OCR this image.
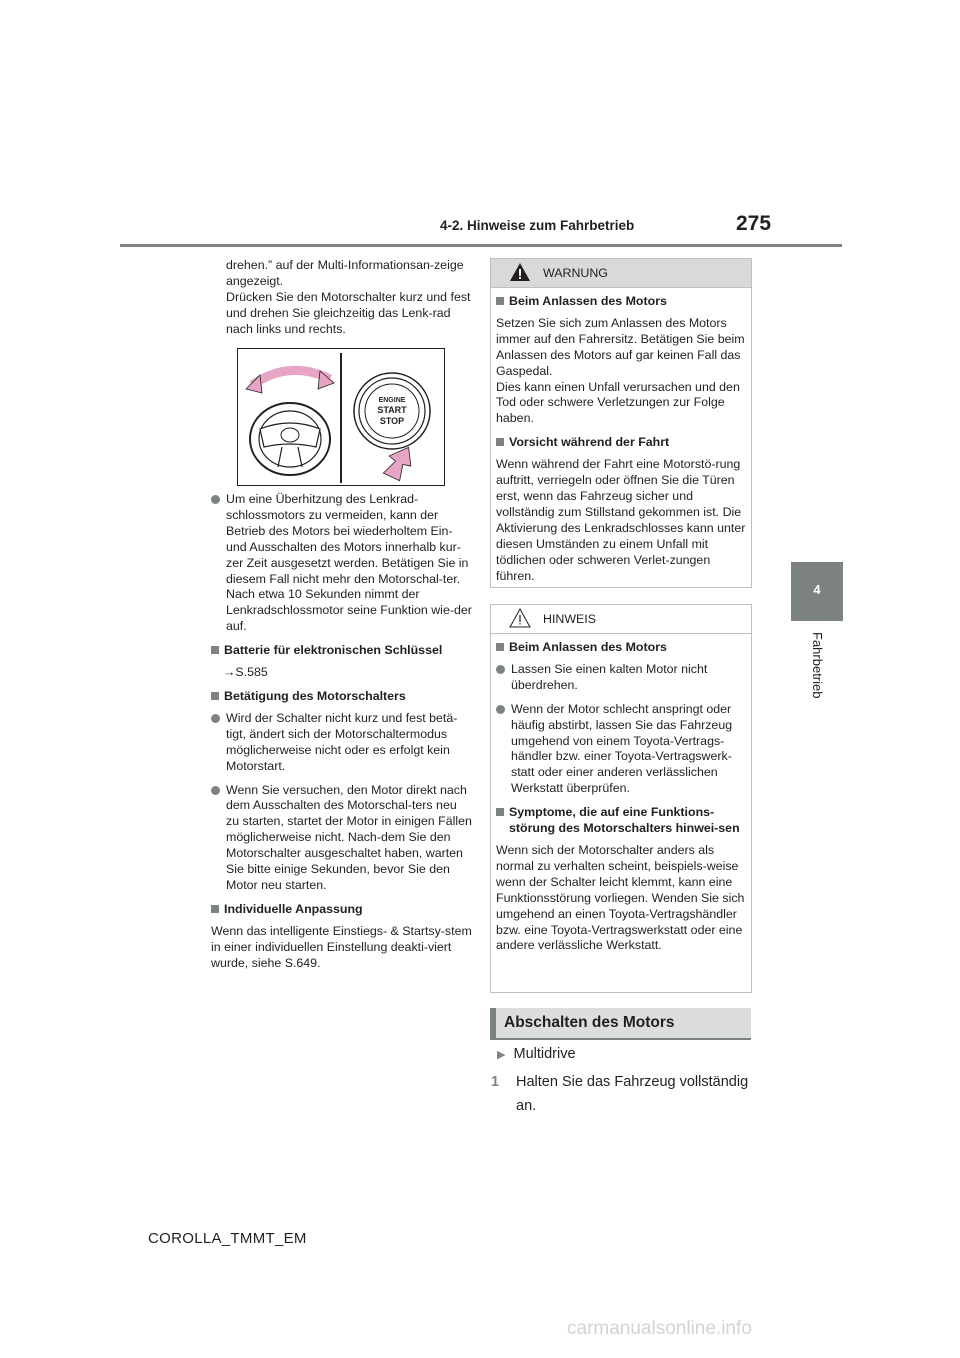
4-2. Hinweise zum Fahrbetrieb	275
4
Fahrbetrieb

drehen.” auf der Multi-Informationsan-zeige angezeigt.

Drücken Sie den Motorschalter kurz und fest und drehen Sie gleichzeitig das Lenk-rad nach links und rechts.

ENGINE
START
STOP
Um eine Überhitzung des Lenkrad-schlossmotors zu vermeiden, kann der Betrieb des Motors bei wiederholtem Ein- und Ausschalten des Motors innerhalb kur-zer Zeit ausgesetzt werden. Betätigen Sie in diesem Fall nicht mehr den Motorschal-ter. Nach etwa 10 Sekunden nimmt der Lenkradschlossmotor seine Funktion wie-der auf.
Batterie für elektronischen Schlüssel
→S.585
Betätigung des Motorschalters
Wird der Schalter nicht kurz und fest betä-tigt, ändert sich der Motorschaltermodus möglicherweise nicht oder es erfolgt kein Motorstart.
Wenn Sie versuchen, den Motor direkt nach dem Ausschalten des Motorschal-ters neu zu starten, startet der Motor in einigen Fällen möglicherweise nicht. Nach-dem Sie den Motorschalter ausgeschaltet haben, warten Sie bitte einige Sekunden, bevor Sie den Motor neu starten.
Individuelle Anpassung

Wenn das intelligente Einstiegs- & Startsy-stem in einer individuellen Einstellung deakti-viert wurde, siehe S.649.

WARNUNG
Beim Anlassen des Motors

Setzen Sie sich zum Anlassen des Motors immer auf den Fahrersitz. Betätigen Sie beim Anlassen des Motors auf gar keinen Fall das Gaspedal.

Dies kann einen Unfall verursachen und den Tod oder schwere Verletzungen zur Folge haben.

Vorsicht während der Fahrt

Wenn während der Fahrt eine Motorstö-rung auftritt, verriegeln oder öffnen Sie die Türen erst, wenn das Fahrzeug sicher und vollständig zum Stillstand gekommen ist. Die Aktivierung des Lenkradschlosses kann unter diesen Umständen zu einem Unfall mit tödlichen oder schweren Verlet-zungen führen.

HINWEIS
Beim Anlassen des Motors
Lassen Sie einen kalten Motor nicht überdrehen.
Wenn der Motor schlecht anspringt oder häufig abstirbt, lassen Sie das Fahrzeug umgehend von einem Toyota-Vertrags-händler bzw. einer Toyota-Vertragswerk-statt oder einer anderen verlässlichen Werkstatt überprüfen.
Symptome, die auf eine Funktions-störung des Motorschalters hinwei-sen

Wenn sich der Motorschalter anders als normal zu verhalten scheint, beispiels-weise wenn der Schalter leicht klemmt, kann eine Funktionsstörung vorliegen. Wenden Sie sich umgehend an einen Toyota-Vertragshändler bzw. eine Toyota-Vertragswerkstatt oder eine andere verlässliche Werkstatt.

Abschalten des Motors
▶ Multidrive
1 Halten Sie das Fahrzeug vollständig an.
COROLLA_TMMT_EM
carmanualsonline.info
